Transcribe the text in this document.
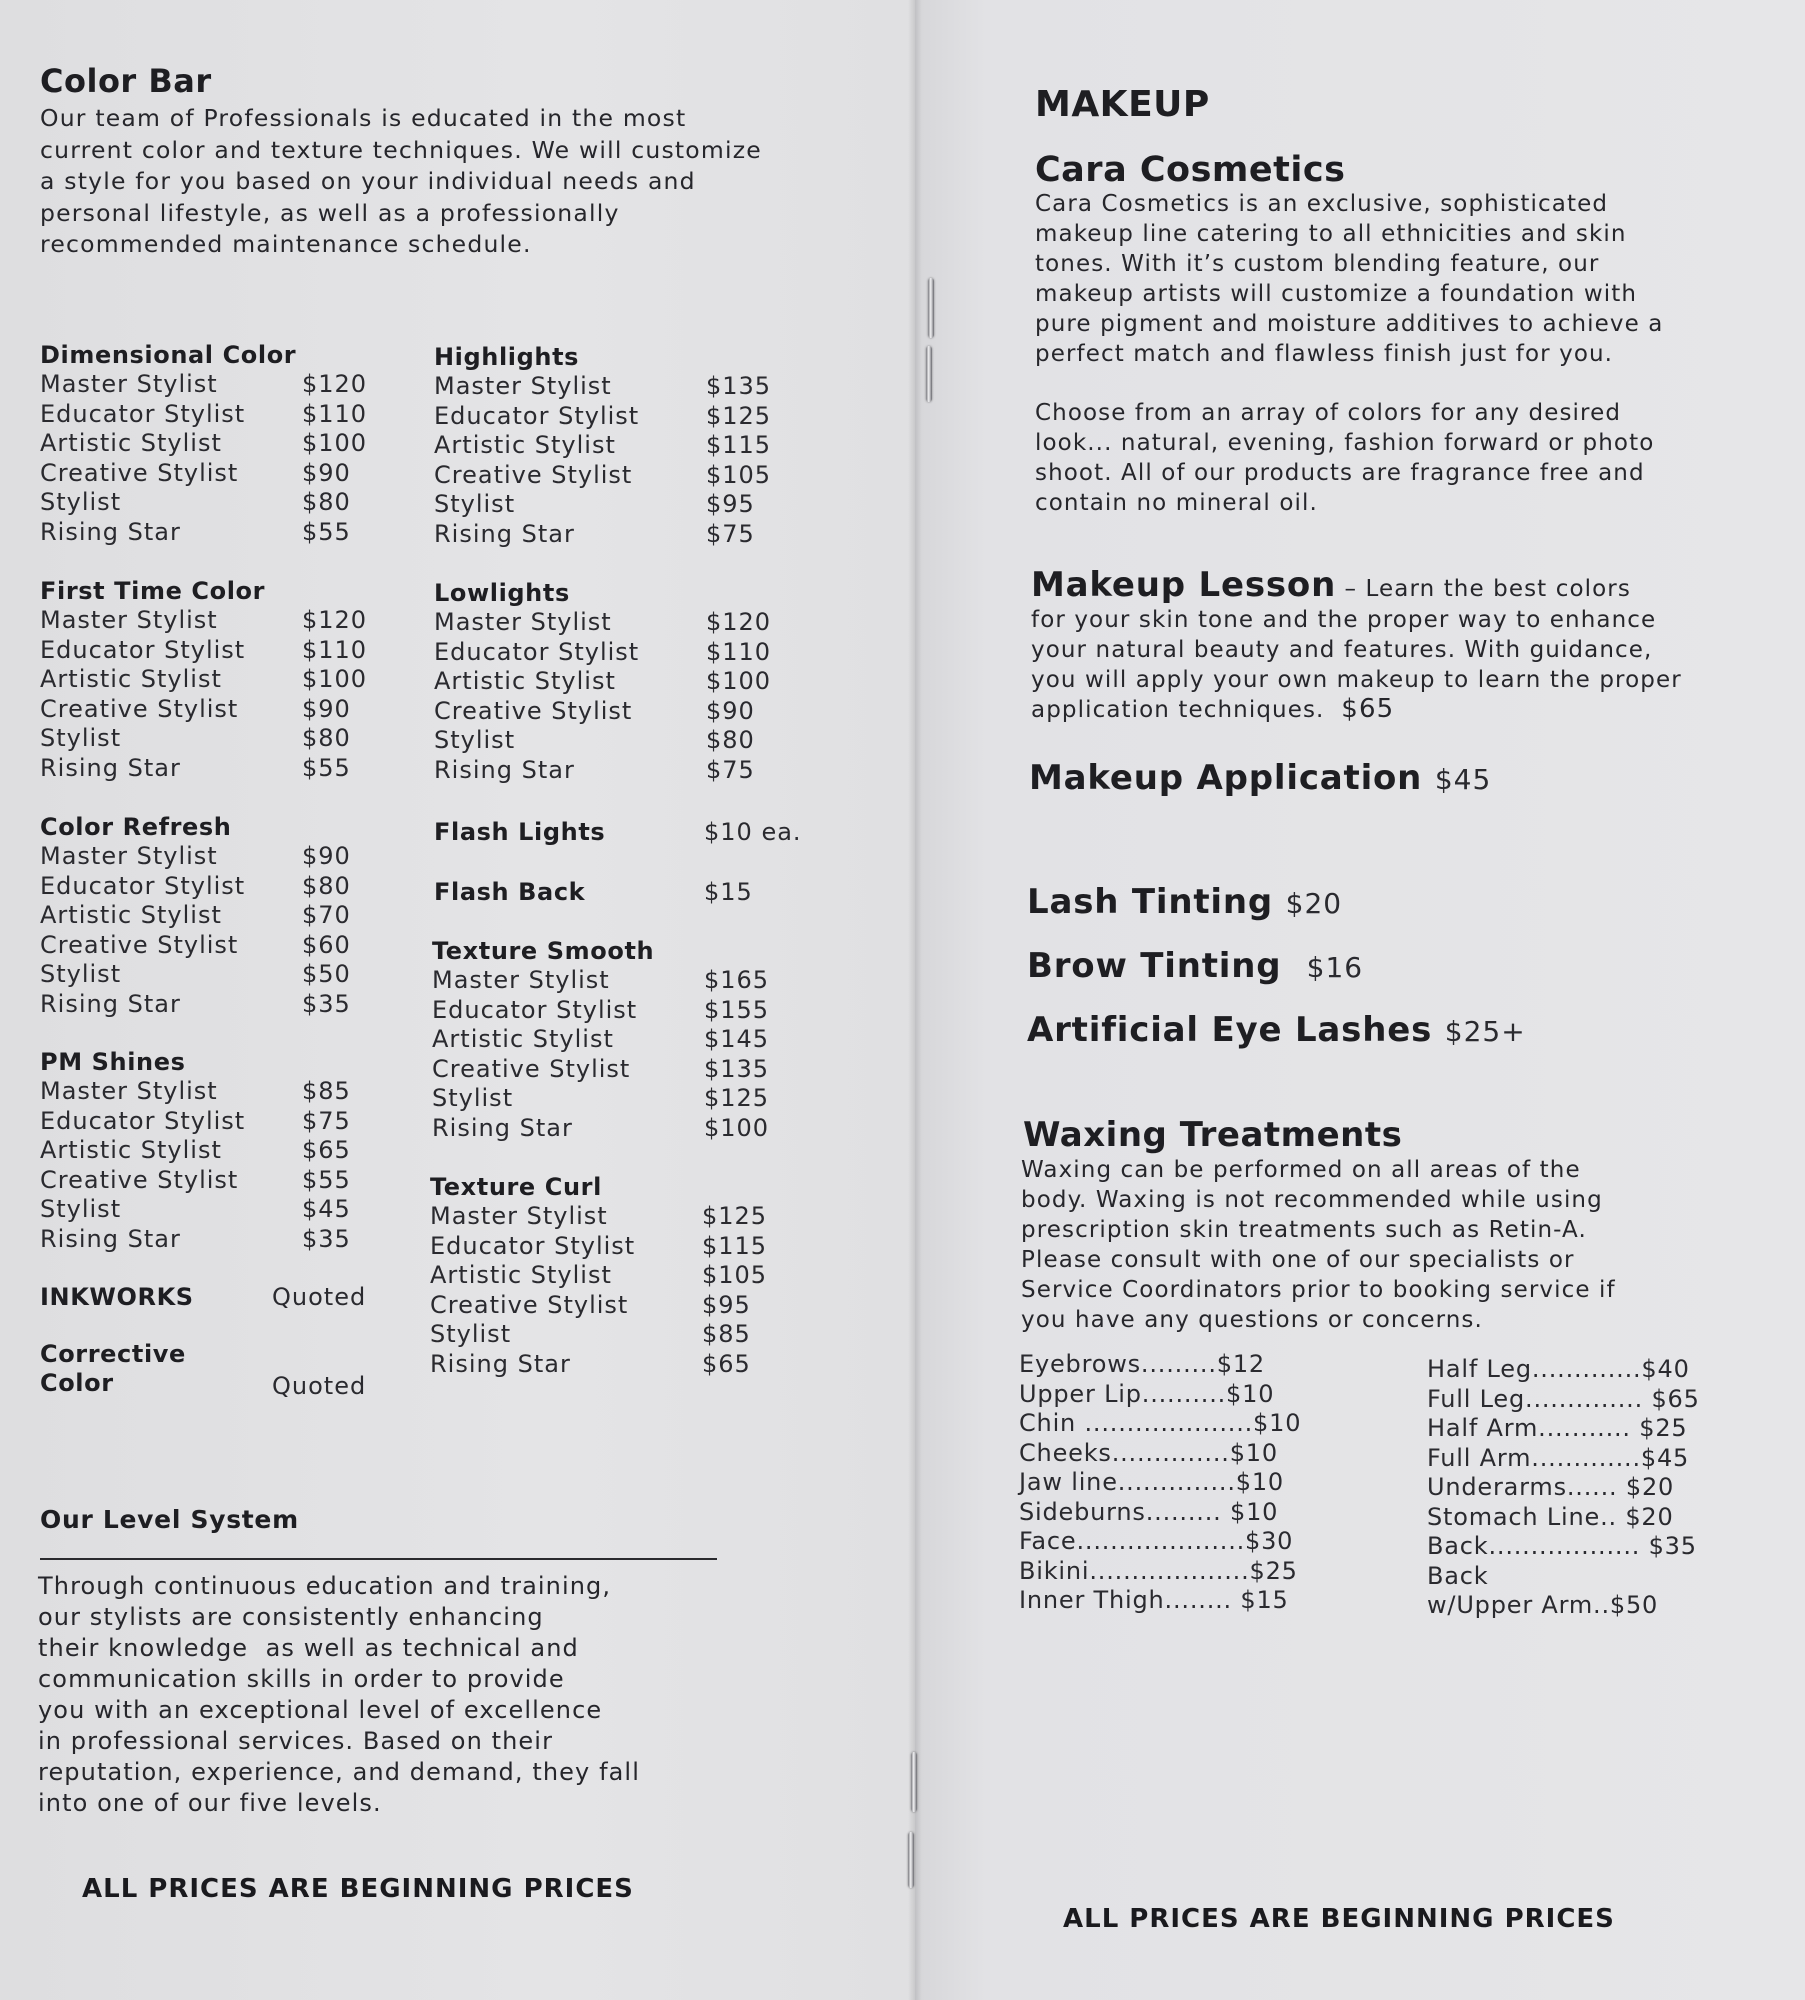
Color Bar
Our team of Professionals is educated in the most current color and texture techniques. We will customize a style for you based on your individual needs and personal lifestyle, as well as a professionally recommended maintenance schedule.
Dimensional Color
Master Stylist	$120
Educator Stylist	$110
Artistic Stylist	$100
Creative Stylist	$90
Stylist	$80
Rising Star	$55
First Time Color
Master Stylist	$120
Educator Stylist	$110
Artistic Stylist	$100
Creative Stylist	$90
Stylist	$80
Rising Star	$55
Color Refresh
Master Stylist	$90
Educator Stylist	$80
Artistic Stylist	$70
Creative Stylist	$60
Stylist	$50
Rising Star	$35
PM Shines
Master Stylist	$85
Educator Stylist	$75
Artistic Stylist	$65
Creative Stylist	$55
Stylist	$45
Rising Star	$35
INKWORKS	Quoted
Corrective
Color	Quoted
Highlights
Master Stylist	$135
Educator Stylist	$125
Artistic Stylist	$115
Creative Stylist	$105
Stylist	$95
Rising Star	$75
Lowlights
Master Stylist	$120
Educator Stylist	$110
Artistic Stylist	$100
Creative Stylist	$90
Stylist	$80
Rising Star	$75
Flash Lights	$10 ea.
Flash Back	$15
Texture Smooth
Master Stylist	$165
Educator Stylist	$155
Artistic Stylist	$145
Creative Stylist	$135
Stylist	$125
Rising Star	$100
Texture Curl
Master Stylist	$125
Educator Stylist	$115
Artistic Stylist	$105
Creative Stylist	$95
Stylist	$85
Rising Star	$65
Our Level System
Through continuous education and training,
our stylists are consistently enhancing
their knowledge  as well as technical and
communication skills in order to provide
you with an exceptional level of excellence
in professional services. Based on their
reputation, experience, and demand, they fall
into one of our five levels.
ALL PRICES ARE BEGINNING PRICES
MAKEUP
Cara Cosmetics
Cara Cosmetics is an exclusive, sophisticated
makeup line catering to all ethnicities and skin
tones. With it’s custom blending feature, our
makeup artists will customize a foundation with
pure pigment and moisture additives to achieve a
perfect match and flawless finish just for you.
Choose from an array of colors for any desired
look... natural, evening, fashion forward or photo
shoot. All of our products are fragrance free and
contain no mineral oil.
Makeup Lesson – Learn the best colors
for your skin tone and the proper way to enhance
your natural beauty and features. With guidance,
you will apply your own makeup to learn the proper
application techniques. $65
Makeup Application $45
Lash Tinting $20
Brow Tinting $16
Artificial Eye Lashes $25+
Waxing Treatments
Waxing can be performed on all areas of the
body. Waxing is not recommended while using
prescription skin treatments such as Retin-A.
Please consult with one of our specialists or
Service Coordinators prior to booking service if
you have any questions or concerns.
Eyebrows.........$12
Upper Lip..........$10
Chin ....................$10
Cheeks..............$10
Jaw line..............$10
Sideburns......... $10
Face....................$30
Bikini...................$25
Inner Thigh........ $15
Half Leg.............$40
Full Leg.............. $65
Half Arm........... $25
Full Arm.............$45
Underarms...... $20
Stomach Line.. $20
Back.................. $35
Back
w/Upper Arm..$50
ALL PRICES ARE BEGINNING PRICES
